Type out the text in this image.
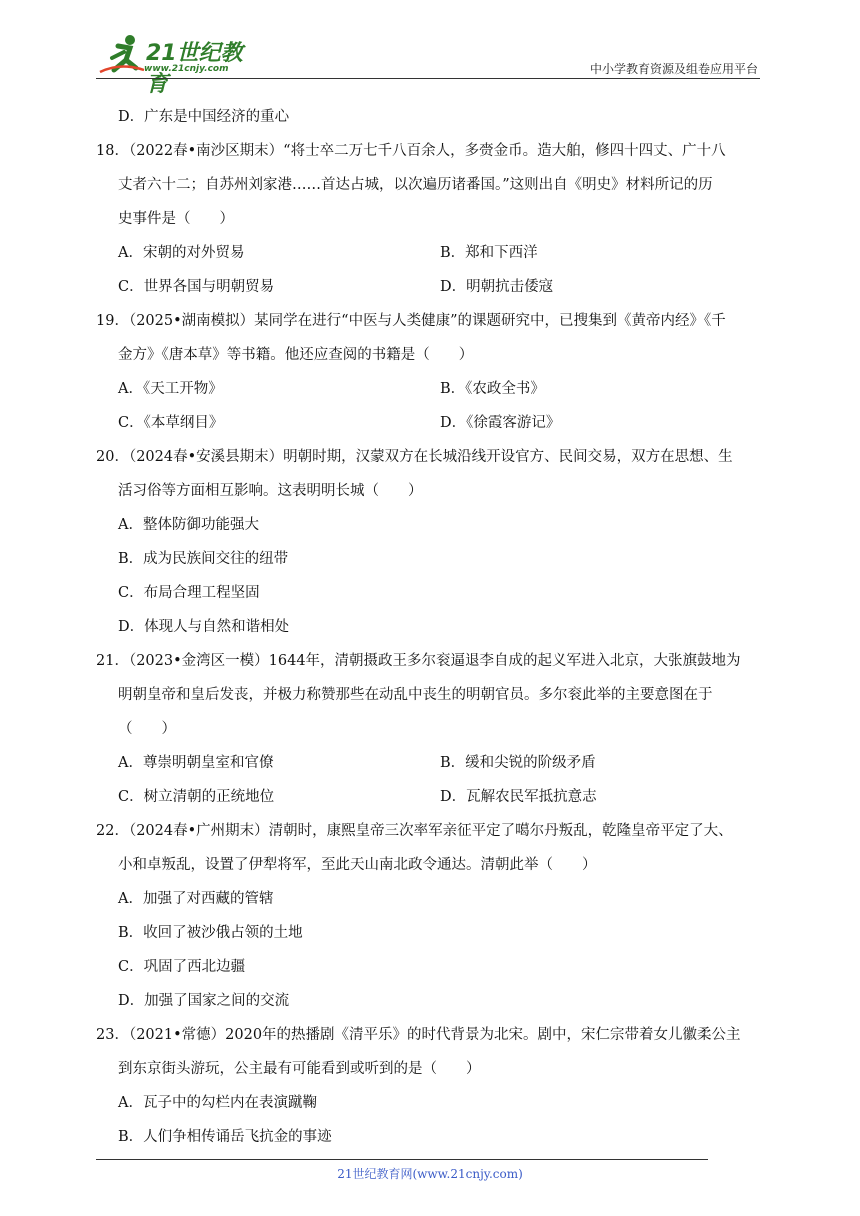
21世纪教育
www.21cnjy.com	中小学教育资源及组卷应用平台
D．广东是中国经济的重心
18．（2022春•南沙区期末）“将士卒二万七千八百余人，多赍金币。造大舶，修四十四丈、广十八
丈者六十二；自苏州刘家港……首达占城，以次遍历诸番国。”这则出自《明史》材料所记的历
史事件是（　　）
A．宋朝的对外贸易	B．郑和下西洋
C．世界各国与明朝贸易	D．明朝抗击倭寇
19．（2025•湖南模拟）某同学在进行“中医与人类健康”的课题研究中，已搜集到《黄帝内经》《千
金方》《唐本草》等书籍。他还应查阅的书籍是（　　）
A．《天工开物》	B．《农政全书》
C．《本草纲目》	D．《徐霞客游记》
20．（2024春•安溪县期末）明朝时期，汉蒙双方在长城沿线开设官方、民间交易，双方在思想、生
活习俗等方面相互影响。这表明明长城（　　）
A．整体防御功能强大
B．成为民族间交往的纽带
C．布局合理工程坚固
D．体现人与自然和谐相处
21．（2023•金湾区一模）1644年，清朝摄政王多尔衮逼退李自成的起义军进入北京，大张旗鼓地为
明朝皇帝和皇后发丧，并极力称赞那些在动乱中丧生的明朝官员。多尔衮此举的主要意图在于
（　　）
A．尊崇明朝皇室和官僚	B．缓和尖锐的阶级矛盾
C．树立清朝的正统地位	D．瓦解农民军抵抗意志
22．（2024春•广州期末）清朝时，康熙皇帝三次率军亲征平定了噶尔丹叛乱，乾隆皇帝平定了大、
小和卓叛乱，设置了伊犁将军，至此天山南北政令通达。清朝此举（　　）
A．加强了对西藏的管辖
B．收回了被沙俄占领的土地
C．巩固了西北边疆
D．加强了国家之间的交流
23．（2021•常德）2020年的热播剧《清平乐》的时代背景为北宋。剧中，宋仁宗带着女儿徽柔公主
到东京街头游玩，公主最有可能看到或听到的是（　　）
A．瓦子中的勾栏内在表演蹴鞠
B．人们争相传诵岳飞抗金的事迹
21世纪教育网(www.21cnjy.com)
